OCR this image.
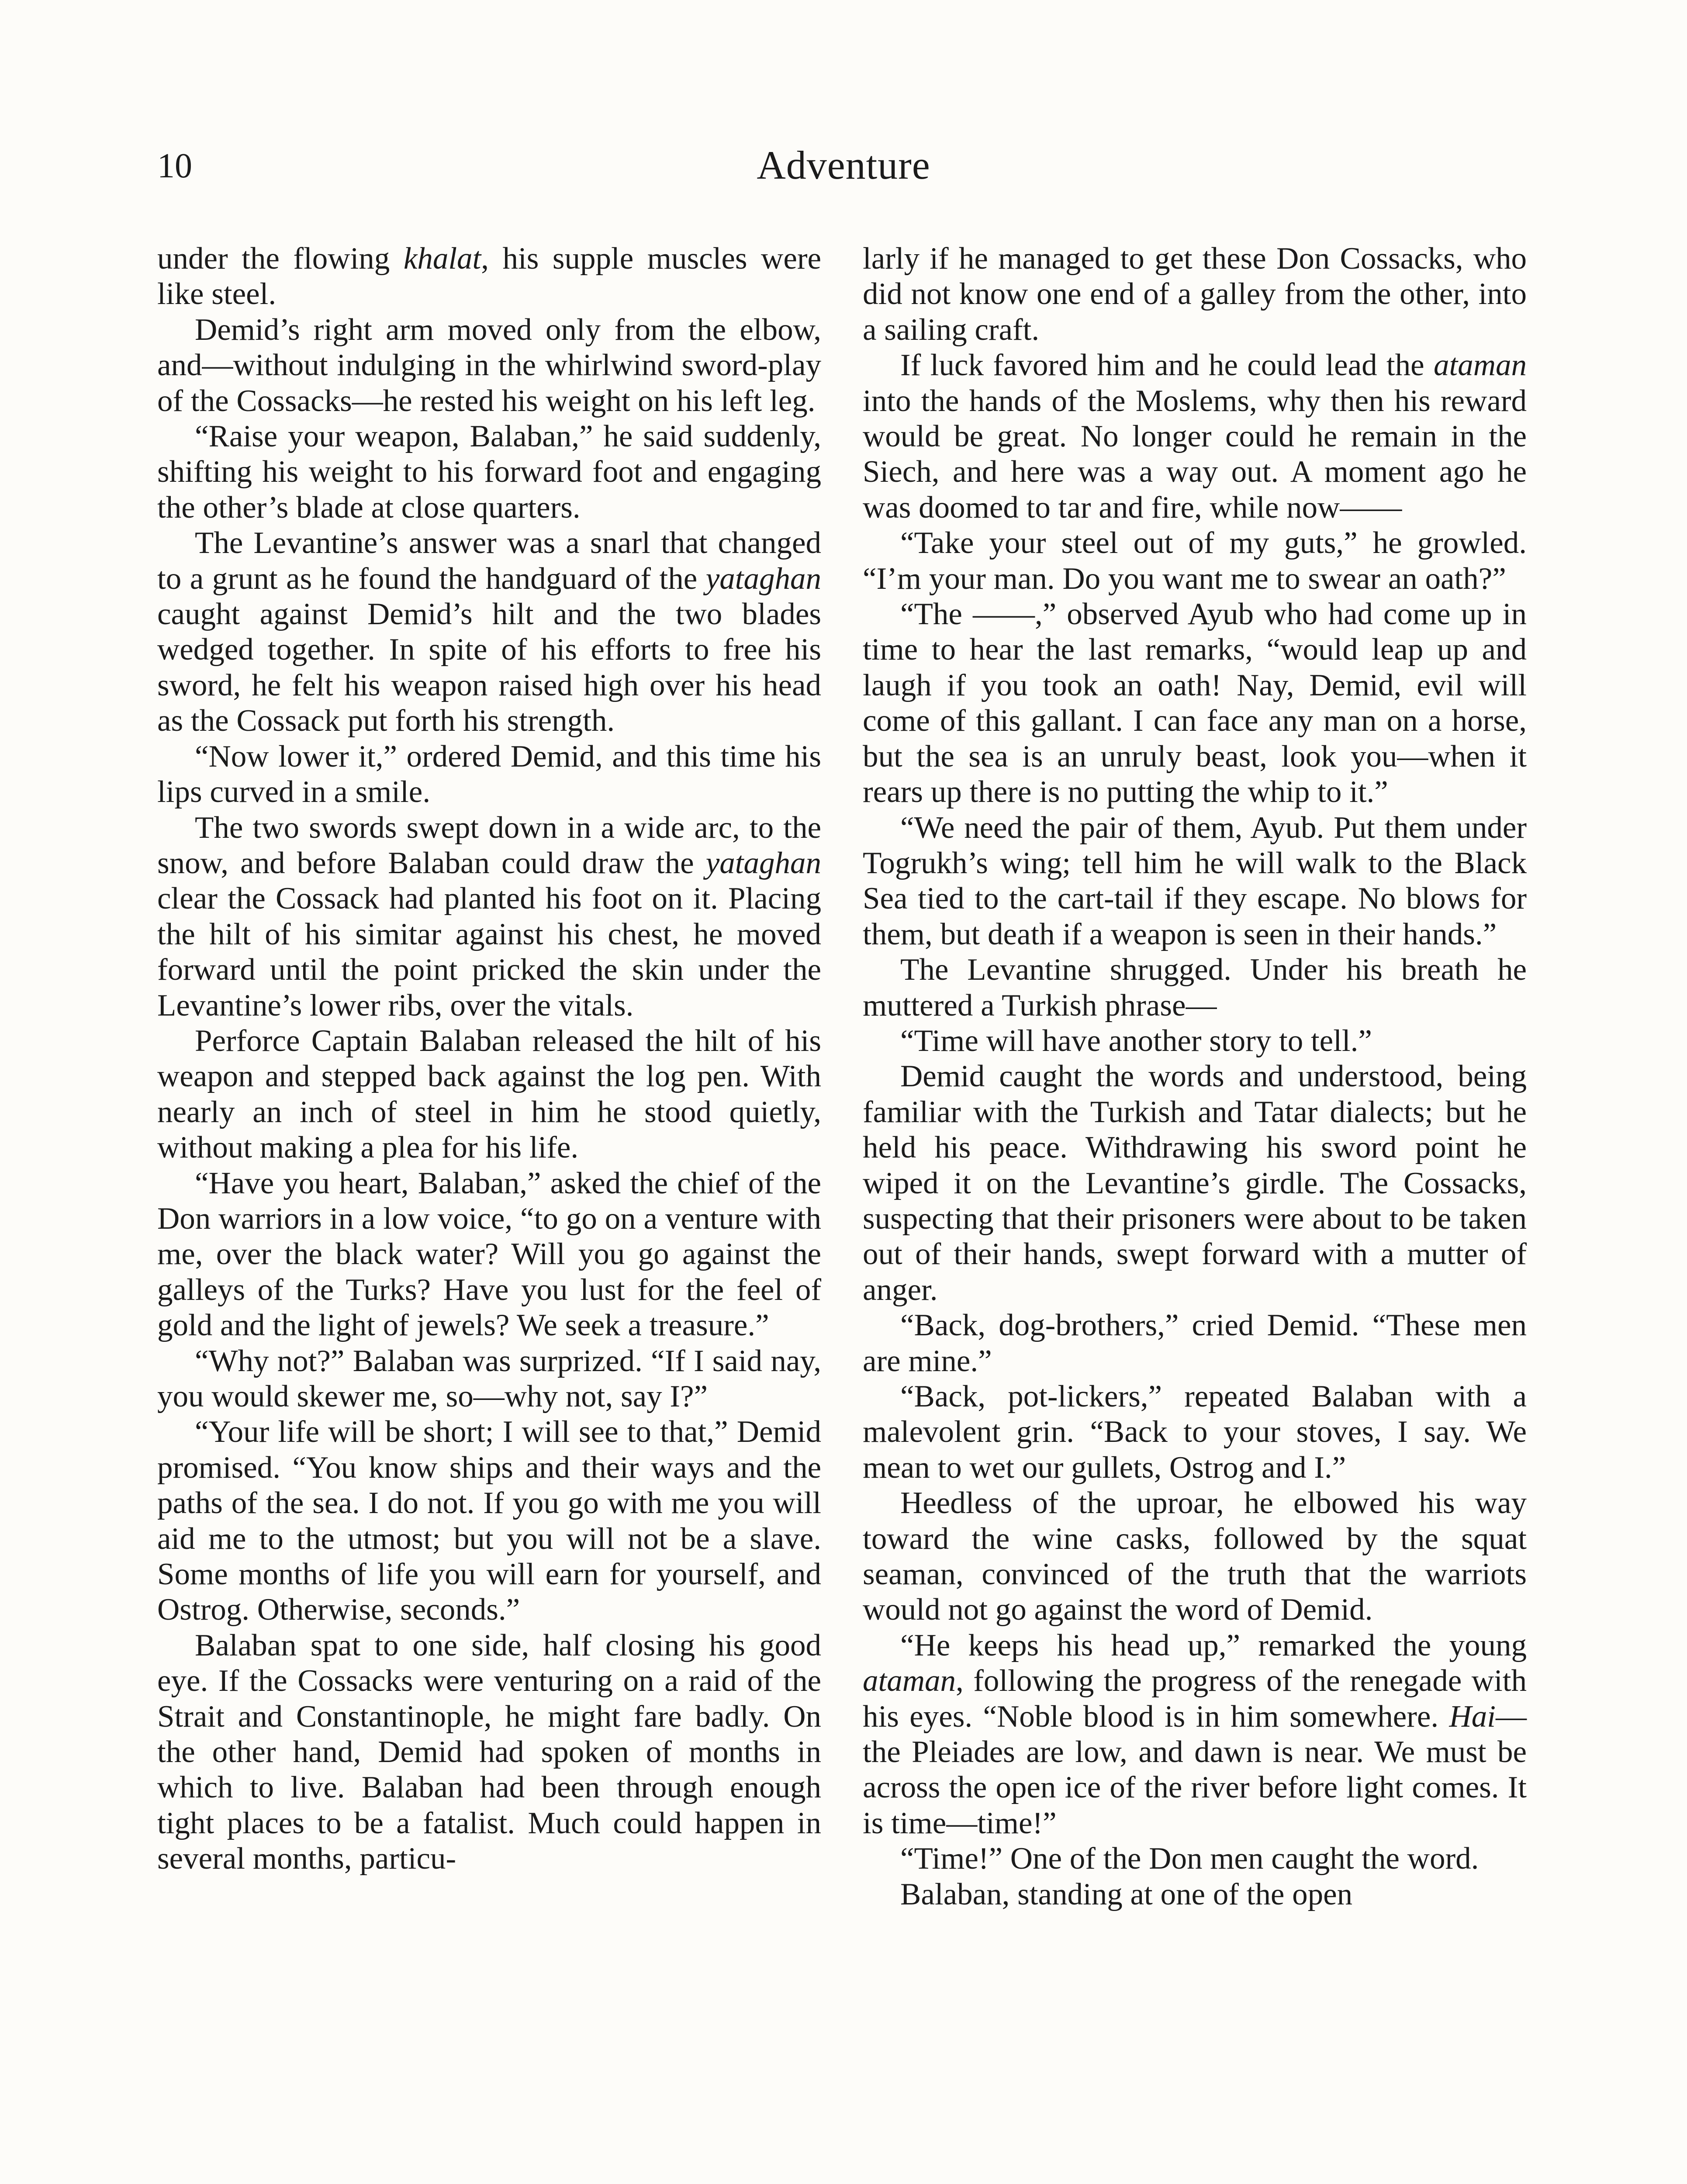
10	Adventure

under the flowing khalat, his supple muscles were like steel.

Demid’s right arm moved only from the elbow, and—without indulging in the whirlwind sword-play of the Cossacks—he rested his weight on his left leg.

“Raise your weapon, Balaban,” he said suddenly, shifting his weight to his forward foot and engaging the other’s blade at close quarters.

The Levantine’s answer was a snarl that changed to a grunt as he found the handguard of the yataghan caught against Demid’s hilt and the two blades wedged together. In spite of his efforts to free his sword, he felt his weapon raised high over his head as the Cossack put forth his strength.

“Now lower it,” ordered Demid, and this time his lips curved in a smile.

The two swords swept down in a wide arc, to the snow, and before Balaban could draw the yataghan clear the Cossack had planted his foot on it. Placing the hilt of his simitar against his chest, he moved forward until the point pricked the skin under the Levantine’s lower ribs, over the vitals.

Perforce Captain Balaban released the hilt of his weapon and stepped back against the log pen. With nearly an inch of steel in him he stood quietly, without making a plea for his life.

“Have you heart, Balaban,” asked the chief of the Don warriors in a low voice, “to go on a venture with me, over the black water? Will you go against the galleys of the Turks? Have you lust for the feel of gold and the light of jewels? We seek a treasure.”

“Why not?” Balaban was surprized. “If I said nay, you would skewer me, so—why not, say I?”

“Your life will be short; I will see to that,” Demid promised. “You know ships and their ways and the paths of the sea. I do not. If you go with me you will aid me to the utmost; but you will not be a slave. Some months of life you will earn for yourself, and Ostrog. Otherwise, seconds.”

Balaban spat to one side, half closing his good eye. If the Cossacks were venturing on a raid of the Strait and Constantinople, he might fare badly. On the other hand, Demid had spoken of months in which to live. Balaban had been through enough tight places to be a fatalist. Much could happen in several months, particu-

larly if he managed to get these Don Cossacks, who did not know one end of a galley from the other, into a sailing craft.

If luck favored him and he could lead the ataman into the hands of the Moslems, why then his reward would be great. No longer could he remain in the Siech, and here was a way out. A moment ago he was doomed to tar and fire, while now——

“Take your steel out of my guts,” he growled. “I’m your man. Do you want me to swear an oath?”

“The ——,” observed Ayub who had come up in time to hear the last remarks, “would leap up and laugh if you took an oath! Nay, Demid, evil will come of this gallant. I can face any man on a horse, but the sea is an unruly beast, look you—when it rears up there is no putting the whip to it.”

“We need the pair of them, Ayub. Put them under Togrukh’s wing; tell him he will walk to the Black Sea tied to the cart-tail if they escape. No blows for them, but death if a weapon is seen in their hands.”

The Levantine shrugged. Under his breath he muttered a Turkish phrase—

“Time will have another story to tell.”

Demid caught the words and understood, being familiar with the Turkish and Tatar dialects; but he held his peace. Withdrawing his sword point he wiped it on the Levantine’s girdle. The Cossacks, suspecting that their prisoners were about to be taken out of their hands, swept forward with a mutter of anger.

“Back, dog-brothers,” cried Demid. “These men are mine.”

“Back, pot-lickers,” repeated Balaban with a malevolent grin. “Back to your stoves, I say. We mean to wet our gullets, Ostrog and I.”

Heedless of the uproar, he elbowed his way toward the wine casks, followed by the squat seaman, convinced of the truth that the warriots would not go against the word of Demid.

“He keeps his head up,” remarked the young ataman, following the progress of the renegade with his eyes. “Noble blood is in him somewhere. Hai—the Pleiades are low, and dawn is near. We must be across the open ice of the river before light comes. It is time—time!”

“Time!” One of the Don men caught the word.

Balaban, standing at one of the open
